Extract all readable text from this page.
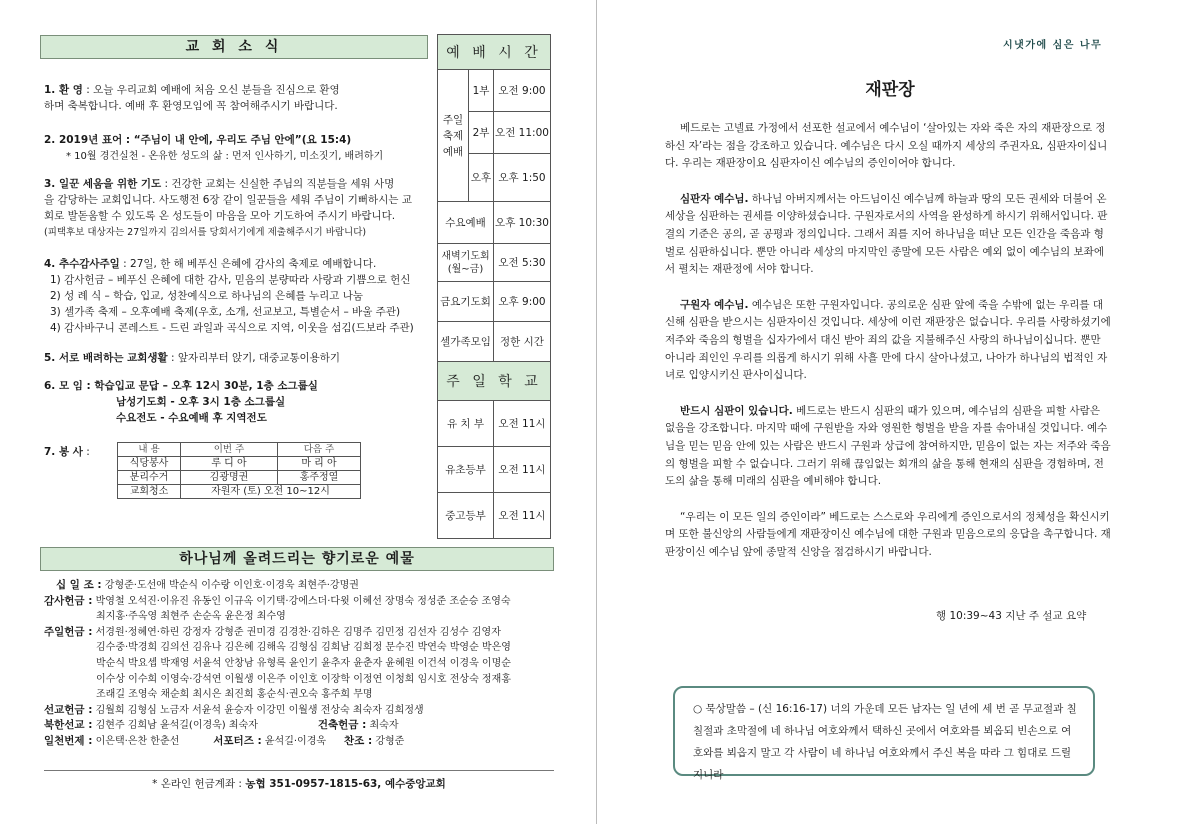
교 회 소 식
1. 환 영 : 오늘 우리교회 예배에 처음 오신 분들을 진심으로 환영
하며 축복합니다. 예배 후 환영모임에 꼭 참여해주시기 바랍니다.
2. 2019년 표어 : “주님이 내 안에, 우리도 주님 안에”(요 15:4)
* 10월 경건실천 - 온유한 성도의 삶 : 먼저 인사하기, 미소짓기, 배려하기
3. 일꾼 세움을 위한 기도 : 건강한 교회는 신실한 주님의 직분들을 세워 사명
을 감당하는 교회입니다. 사도행전 6장 같이 일꾼들을 세워 주님이 기뻐하시는 교
회로 발돋움할 수 있도록 온 성도들이 마음을 모아 기도하여 주시기 바랍니다.
(피택후보 대상자는 27일까지 김의서를 당회서기에게 제출해주시기 바랍니다)
4. 추수감사주일 : 27일, 한 해 베푸신 은혜에 감사의 축제로 예배합니다.
1) 감사헌금 – 베푸신 은혜에 대한 감사, 믿음의 분량따라 사랑과 기쁨으로 헌신
2) 성 례 식 – 학습, 입교, 성찬예식으로 하나님의 은혜를 누리고 나눔
3) 셀가족 축제 – 오후예배 축제(우호, 소개, 선교보고, 특별순서 – 바울 주관)
4) 감사바구니 콘레스트 - 드린 과일과 곡식으로 지역, 이웃을 섬김(드보라 주관)
5. 서로 배려하는 교회생활 : 앞자리부터 앉기, 대중교통이용하기
6. 모 임 : 학습입교 문답 – 오후 12시 30분, 1층 소그룹실
남성기도회 - 오후 3시 1층 소그룹실
수요전도 - 수요예배 후 지역전도
7. 봉 사 :	내 용	이번 주	다음 주
식당봉사	루 디 아	마 리 아
분리수거	김광명권	홍주정열
교회청소	자원자 (토) 오전 10~12시	
예 배 시 간		
주일
축제
예배	1부	오전 9:00
	2부	오전 11:00
	오후	오후 1:50
수요예배		오후 10:30
새벽기도회
(월~금)		오전 5:30
금요기도회		오후 9:00
셀가족모임		정한 시간
주 일 학 교		
유 치 부		오전 11시
유초등부		오전 11시
중고등부		오전 11시
하나님께 올려드리는 향기로운 예물
십 일 조 : 강형준·도선애 박순식 이수랑 이인호·이경욱 최현주·강명권
감사헌금 : 박영철 오석진·이유진 유동인 이규옥 이기택·강에스더·다윗 이혜선 장명숙 정성준 조순승 조영숙
최지홍·주옥영 최현주 손순옥 윤은정 최수영
주일헌금 : 서경원·정혜연·하린 강정자 강형준 권미경 김경찬·김하은 김명주 김민정 김선자 김성수 김영자
김수중·박경희 김의선 김유나 김은혜 김해옥 김형심 김희남 김희정 문수진 박연숙 박영순 박은영
박순식 박요셉 박재영 서윤석 안창남 유형록 윤인기 윤추자 윤춘자 윤혜원 이건석 이경욱 이명순
이수상 이수희 이영숙·강석연 이월생 이은주 이인호 이장학 이정연 이청희 임시호 전상숙 정재홍
조래길 조영숙 채순희 최시은 최진희 홍순식·권오숙 홍주희 무명
선교헌금 : 김월희 김형심 노금자 서윤석 윤승자 이강민 이월생 전상숙 최숙자 김희정생
북한선교 : 김현주 김희남 윤석길(이경욱) 최숙자	건축헌금 : 최숙자
일천번제 : 이은택·은찬 한춘선	서포터즈 : 윤석길·이경욱 찬조 : 강형준
* 온라인 헌금계좌 : 농협 351-0957-1815-63, 예수중앙교회
시냇가에 심은 나무
재판장

베드로는 고넬료 가정에서 선포한 설교에서 예수님이 ‘살아있는 자와 죽은 자의 재판장으로 정하신 자’라는 점을 강조하고 있습니다. 예수님은 다시 오실 때까지 세상의 주권자요, 심판자이십니다. 우리는 재판장이요 심판자이신 예수님의 증인이어야 합니다.

심판자 예수님. 하나님 아버지께서는 아드님이신 예수님께 하늘과 땅의 모든 권세와 더불어 온 세상을 심판하는 권세를 이양하셨습니다. 구원자로서의 사역을 완성하게 하시기 위해서입니다. 판결의 기준은 공의, 곧 공평과 정의입니다. 그래서 죄를 지어 하나님을 떠난 모든 인간을 죽음과 형벌로 심판하십니다. 뿐만 아니라 세상의 마지막인 종말에 모든 사람은 예외 없이 예수님의 보좌에서 펼치는 재판정에 서야 합니다.

구원자 예수님. 예수님은 또한 구원자입니다. 공의로운 심판 앞에 죽을 수밖에 없는 우리를 대신해 심판을 받으시는 심판자이신 것입니다. 세상에 이런 재판장은 없습니다. 우리를 사랑하셨기에 저주와 죽음의 형벌을 십자가에서 대신 받아 죄의 값을 지불해주신 사랑의 하나님이십니다. 뿐만 아니라 죄인인 우리를 의롭게 하시기 위해 사흘 만에 다시 살아나셨고, 나아가 하나님의 법적인 자녀로 입양시키신 판사이십니다.

반드시 심판이 있습니다. 베드로는 반드시 심판의 때가 있으며, 예수님의 심판을 피할 사람은 없음을 강조합니다. 마지막 때에 구원받을 자와 영원한 형벌을 받을 자를 솎아내실 것입니다. 예수님을 믿는 믿음 안에 있는 사람은 반드시 구원과 상급에 참여하지만, 믿음이 없는 자는 저주와 죽음의 형벌을 피할 수 없습니다. 그러기 위해 끊임없는 회개의 삶을 통해 현재의 심판을 경험하며, 전도의 삶을 통해 미래의 심판을 예비해야 합니다.

“우리는 이 모든 일의 증인이라” 베드로는 스스로와 우리에게 증인으로서의 정체성을 확신시키며 또한 불신앙의 사람들에게 재판장이신 예수님에 대한 구원과 믿음으로의 응답을 촉구합니다. 재판장이신 예수님 앞에 종말적 신앙을 점검하시기 바랍니다.

행 10:39~43 지난 주 설교 요약
○ 묵상말씀 – (신 16:16-17) 너의 가운데 모든 남자는 일 년에 세 번 곧 무교절과 칠칠절과 초막절에 네 하나님 여호와께서 택하신 곳에서 여호와를 뵈옵되 빈손으로 여호와를 뵈옵지 말고 각 사람이 네 하나님 여호와께서 주신 복을 따라 그 힘대로 드릴지니라
